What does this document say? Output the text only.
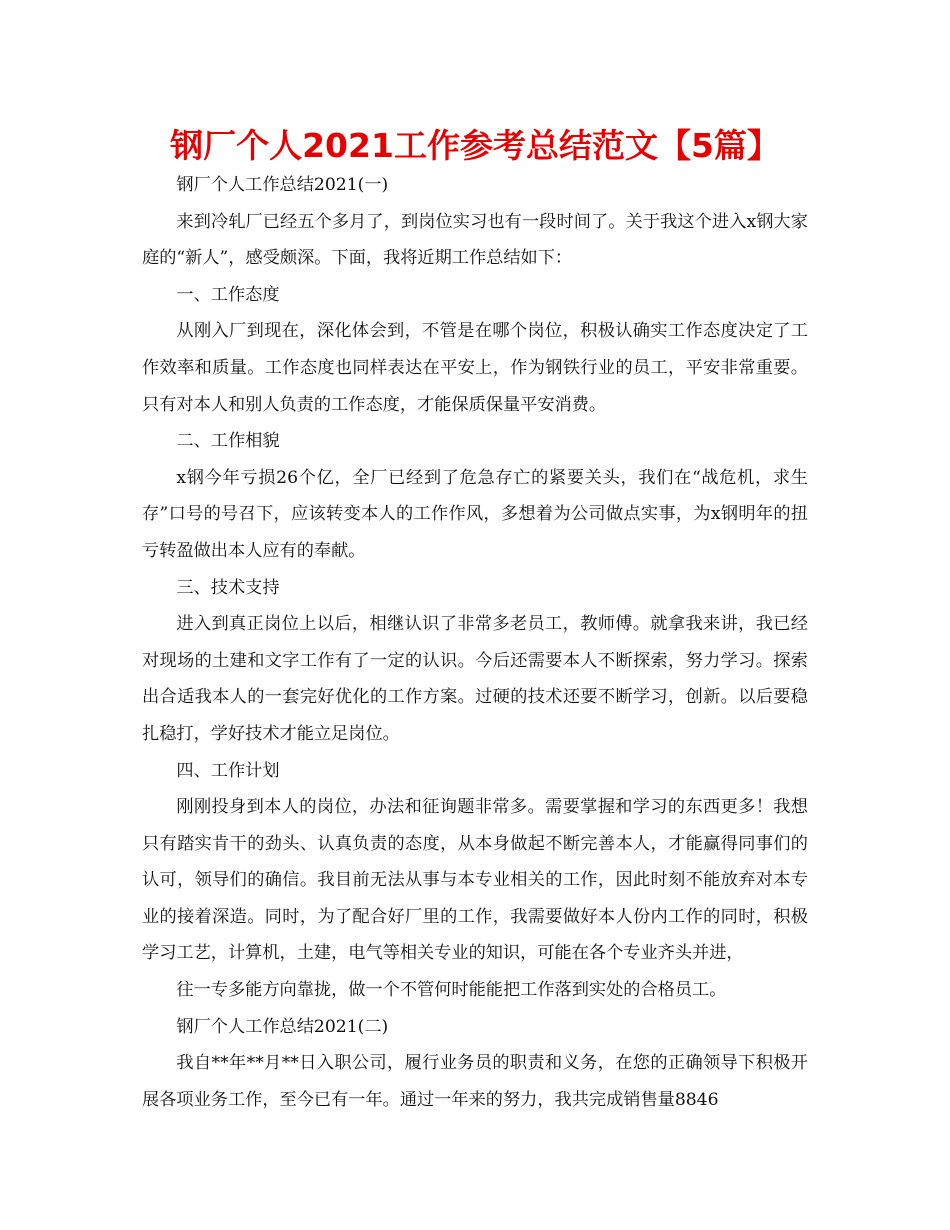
钢厂个人2021工作参考总结范文【5篇】

钢厂个人工作总结2021(一)

来到冷轧厂已经五个多月了，到岗位实习也有一段时间了。关于我这个进入x钢大家庭的“新人”，感受颇深。下面，我将近期工作总结如下：

一、工作态度

从刚入厂到现在，深化体会到，不管是在哪个岗位，积极认确实工作态度决定了工作效率和质量。工作态度也同样表达在平安上，作为钢铁行业的员工，平安非常重要。只有对本人和别人负责的工作态度，才能保质保量平安消费。

二、工作相貌

x钢今年亏损26个亿，全厂已经到了危急存亡的紧要关头，我们在“战危机，求生存”口号的号召下，应该转变本人的工作作风，多想着为公司做点实事，为x钢明年的扭亏转盈做出本人应有的奉献。

三、技术支持

进入到真正岗位上以后，相继认识了非常多老员工，教师傅。就拿我来讲，我已经对现场的土建和文字工作有了一定的认识。今后还需要本人不断探索，努力学习。探索出合适我本人的一套完好优化的工作方案。过硬的技术还要不断学习，创新。以后要稳扎稳打，学好技术才能立足岗位。

四、工作计划

刚刚投身到本人的岗位，办法和征询题非常多。需要掌握和学习的东西更多！我想只有踏实肯干的劲头、认真负责的态度，从本身做起不断完善本人，才能赢得同事们的认可，领导们的确信。我目前无法从事与本专业相关的工作，因此时刻不能放弃对本专业的接着深造。同时，为了配合好厂里的工作，我需要做好本人份内工作的同时，积极学习工艺，计算机，土建，电气等相关专业的知识，可能在各个专业齐头并进，

往一专多能方向靠拢，做一个不管何时能能把工作落到实处的合格员工。

钢厂个人工作总结2021(二)

我自**年**月**日入职公司，履行业务员的职责和义务，在您的正确领导下积极开展各项业务工作，至今已有一年。通过一年来的努力，我共完成销售量8846
